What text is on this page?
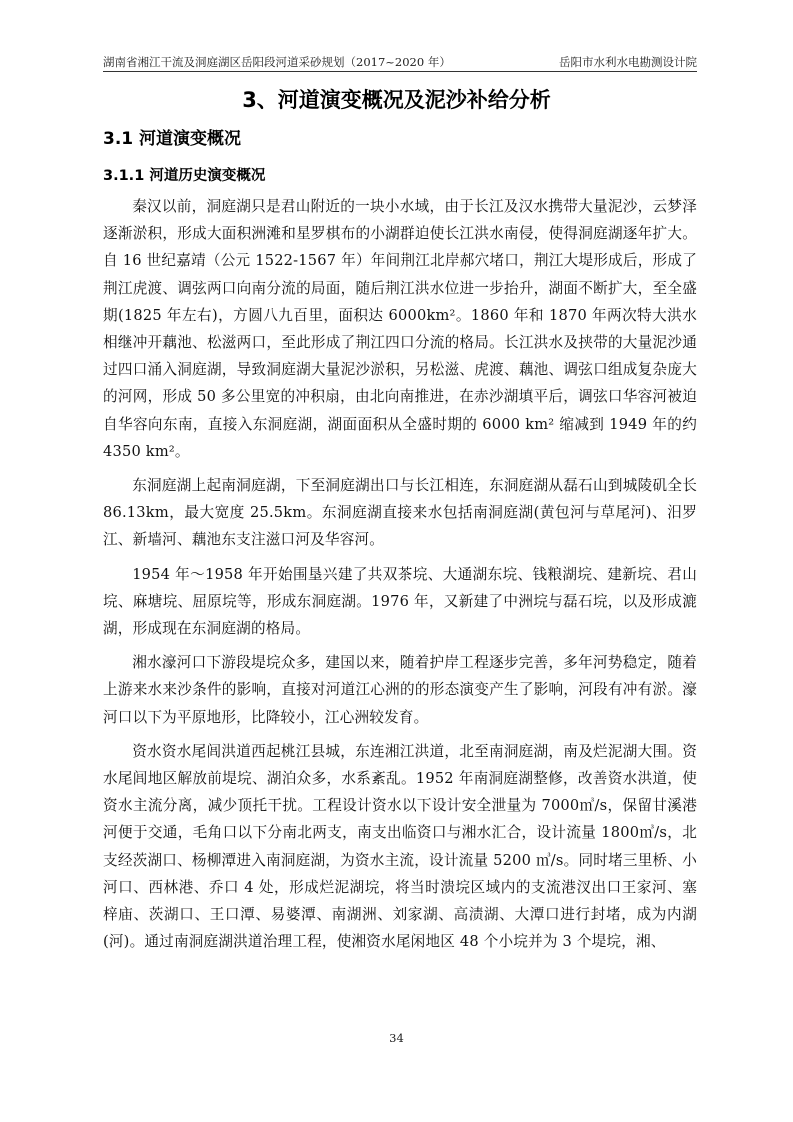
湖南省湘江干流及洞庭湖区岳阳段河道采砂规划（2017~2020 年）	岳阳市水利水电勘测设计院
3、河道演变概况及泥沙补给分析
3.1 河道演变概况
3.1.1 河道历史演变概况

秦汉以前，洞庭湖只是君山附近的一块小水域，由于长江及汉水携带大量泥沙，云梦泽逐渐淤积，形成大面积洲滩和星罗棋布的小湖群迫使长江洪水南侵，使得洞庭湖逐年扩大。自 16 世纪嘉靖（公元 1522-1567 年）年间荆江北岸郝穴堵口，荆江大堤形成后，形成了荆江虎渡、调弦两口向南分流的局面，随后荆江洪水位进一步抬升，湖面不断扩大，至全盛期(1825 年左右)，方圆八九百里，面积达 6000km²。1860 年和 1870 年两次特大洪水相继冲开藕池、松滋两口，至此形成了荆江四口分流的格局。长江洪水及挟带的大量泥沙通过四口涌入洞庭湖，导致洞庭湖大量泥沙淤积，另松滋、虎渡、藕池、调弦口组成复杂庞大的河网，形成 50 多公里宽的冲积扇，由北向南推进，在赤沙湖填平后，调弦口华容河被迫自华容向东南，直接入东洞庭湖，湖面面积从全盛时期的 6000 km² 缩减到 1949 年的约 4350 km²。

东洞庭湖上起南洞庭湖，下至洞庭湖出口与长江相连，东洞庭湖从磊石山到城陵矶全长 86.13km，最大宽度 25.5km。东洞庭湖直接来水包括南洞庭湖(黄包河与草尾河)、汨罗江、新墙河、藕池东支注滋口河及华容河。

1954 年～1958 年开始围垦兴建了共双茶垸、大通湖东垸、钱粮湖垸、建新垸、君山垸、麻塘垸、屈原垸等，形成东洞庭湖。1976 年，又新建了中洲垸与磊石垸，以及形成漉湖，形成现在东洞庭湖的格局。

湘水濠河口下游段堤垸众多，建国以来，随着护岸工程逐步完善，多年河势稳定，随着上游来水来沙条件的影响，直接对河道江心洲的的形态演变产生了影响，河段有冲有淤。濠河口以下为平原地形，比降较小，江心洲较发育。

资水资水尾闾洪道西起桃江县城，东连湘江洪道，北至南洞庭湖，南及烂泥湖大围。资水尾闾地区解放前堤垸、湖泊众多，水系紊乱。1952 年南洞庭湖整修，改善资水洪道，使资水主流分离，减少顶托干扰。工程设计资水以下设计安全泄量为 7000㎥/s，保留甘溪港河便于交通，毛角口以下分南北两支，南支出临资口与湘水汇合，设计流量 1800㎥/s，北支经茨湖口、杨柳潭进入南洞庭湖，为资水主流，设计流量 5200 ㎥/s。同时堵三里桥、小河口、西林港、乔口 4 处，形成烂泥湖垸，将当时溃垸区域内的支流港汊出口王家河、塞梓庙、茨湖口、王口潭、易婆潭、南湖洲、刘家湖、高渍湖、大潭口进行封堵，成为内湖(河)。通过南洞庭湖洪道治理工程，使湘资水尾闲地区 48 个小垸并为 3 个堤垸，湘、

34
